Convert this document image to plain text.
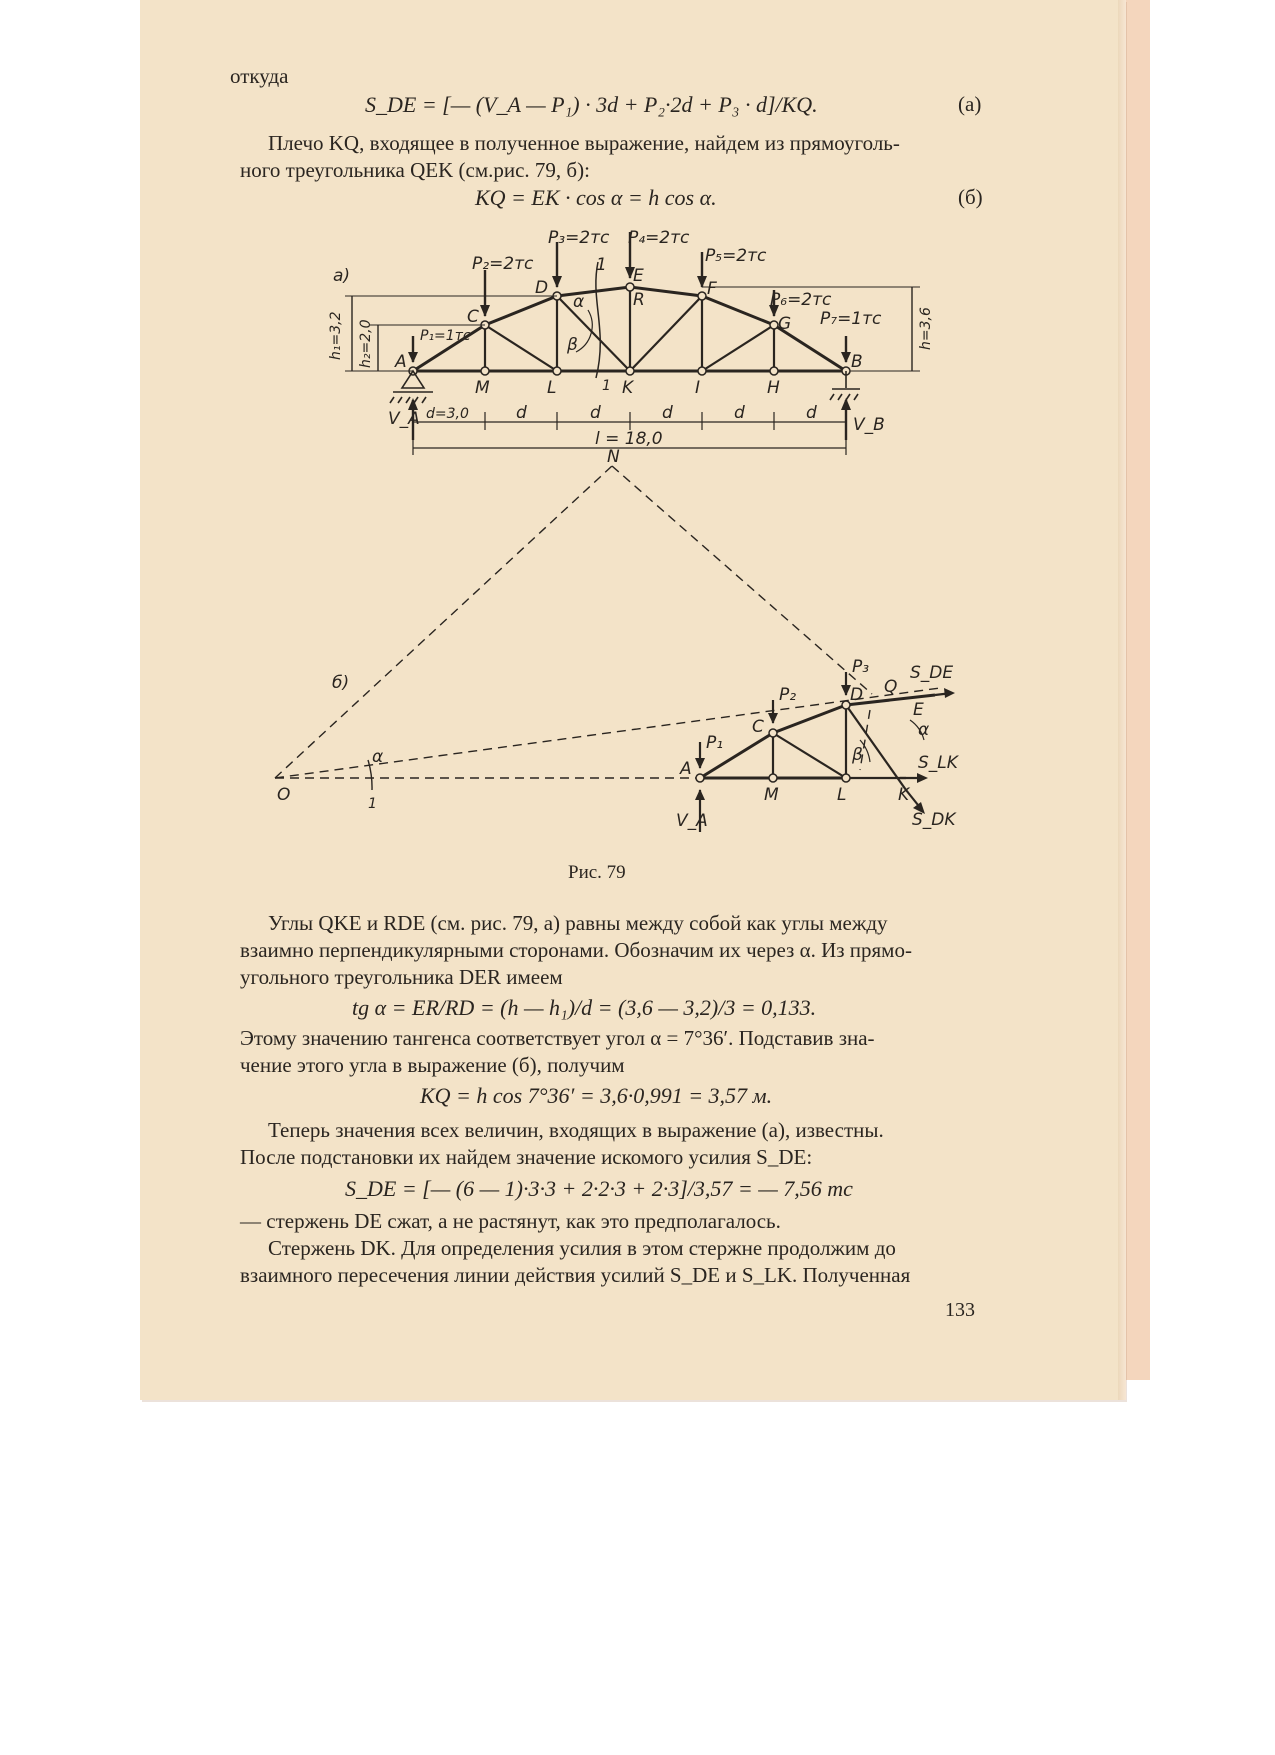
откуда
S_DE = [— (V_A — P₁) · 3d + P₂·2d + P₃ · d]/KQ.	(a)
Плечо KQ, входящее в полученное выражение, найдем из прямоуголь-
ного треугольника QEK (см.рис. 79, б):
KQ = EK · cos α = h cos α.	(б)
a)
P₁=1тс
P₂=2тс
P₃=2тс P₄=2тс
P₅=2тс
P₆=2тс
P₇=1тс
A
C
D
E
F
G
B
M	L	K	I	H
R
1
1
α
β
h₁=3,2 h₂=2,0	h=3,6
d=3,0	d	d	d	d	d
l = 18,0
V_A	V_B
N
б)
O
α
1
A
C
D
M	L	K
E
Q
P₁
P₂
P₃
V_A
S_DE
S_LK
S_DK
α
β
Рис. 79
Углы QKE и RDE (см. рис. 79, а) равны между собой как углы между
взаимно перпендикулярными сторонами. Обозначим их через α. Из прямо-
угольного треугольника DER имеем
tg α = ER/RD = (h — h₁)/d = (3,6 — 3,2)/3 = 0,133.
Этому значению тангенса соответствует угол α = 7°36′. Подставив зна-
чение этого угла в выражение (б), получим
KQ = h cos 7°36′ = 3,6·0,991 = 3,57 м.
Теперь значения всех величин, входящих в выражение (а), известны.
После подстановки их найдем значение искомого усилия S_DE:
S_DE = [— (6 — 1)·3·3 + 2·2·3 + 2·3]/3,57 = — 7,56 тс
— стержень DE сжат, а не растянут, как это предполагалось.
Стержень DK. Для определения усилия в этом стержне продолжим до
взаимного пересечения линии действия усилий S_DE и S_LK. Полученная
133
